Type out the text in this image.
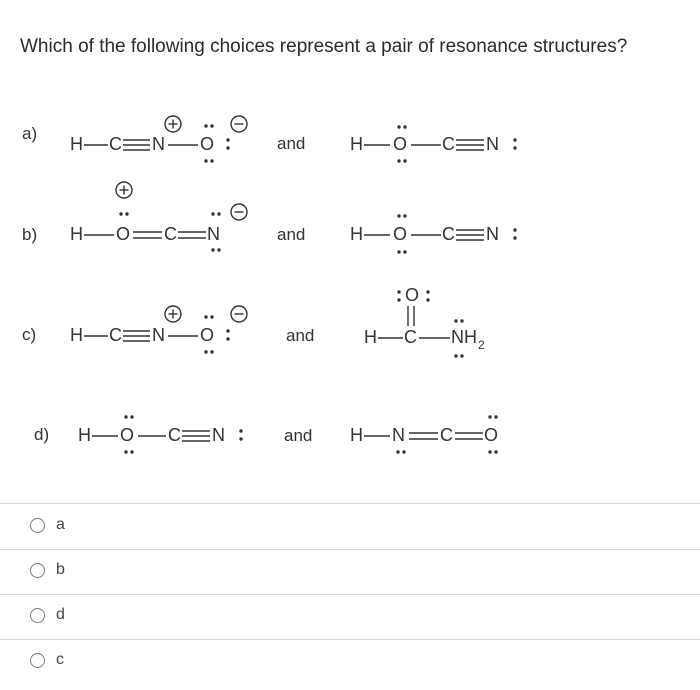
Which of the following choices represent a pair of resonance structures?
a)
H C N O	and H O C N
b) H O C N	and H O C N
c) H C N O	and
O
H C NH 2
d) H O C N	and H N C O
a
b
d
c
